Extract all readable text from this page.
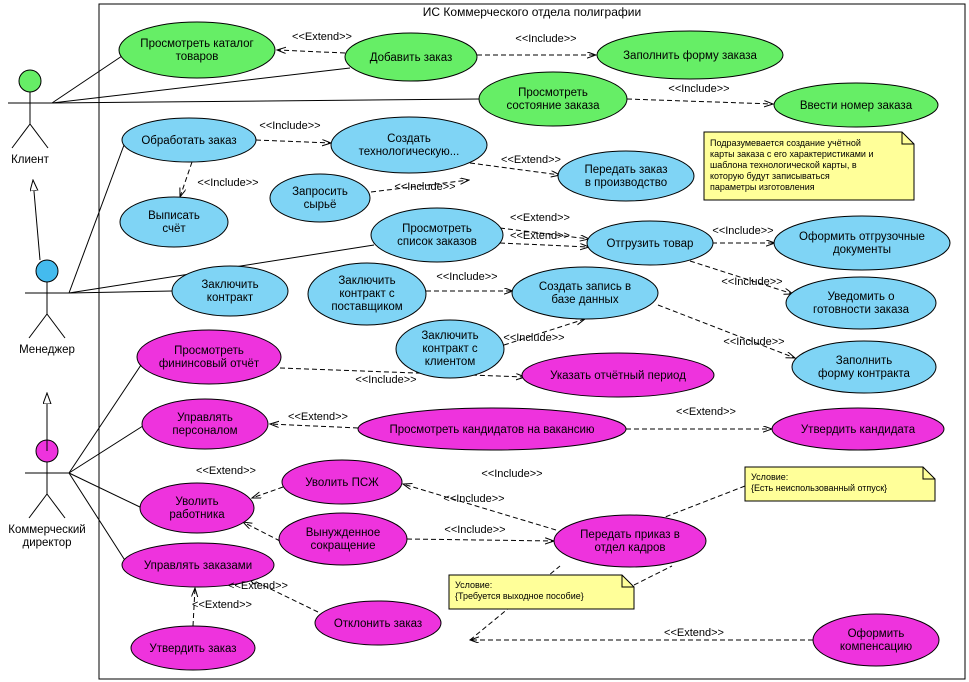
ИС Коммерческого отдела полиграфии
Клиент
Менеджер
Коммерческий
директор
Просмотреть каталог
товаров	Добавить заказ	Заполнить форму заказа
Просмотреть
состояние заказа	Ввести номер заказа
Обработать заказ	Создать
технологическую...
Передать заказ
в производство
Запросить
сырьё
Выписать
счёт	Просмотреть
список заказов	Отгрузить товар
Оформить отгрузочные
документы
Уведомить о
готовности заказа
Заключить
контракт
Заключить
контракт с
поставщиком
Создать запись в
базе данных
Заключить
контракт с
клиентом	Заполнить
форму контракта
Просмотреть
фининсовый отчёт
Указать отчётный период
Управлять
персоналом	Просмотреть кандидатов на вакансию	Утвердить кандидата
Уволить ПСЖ
Уволить
работника
Вынужденное
сокращение
Передать приказ в
отдел кадров
Управлять заказами
Отклонить заказ
Утвердить заказ
Оформить
компенсацию
<<Extend>>	<<Include>>
<<Include>>
<<Include>>
<<Extend>>
<<Include>>	<<Include>>
<<Extend>>
<<Extend>>	<<Include>>
<<Include>>
<<Include>>
<<Include>>	<<Include>>
<<Include>>
<<Extend>>	<<Extend>>
<<Extend>>	<<Include>>
<<Include>>
<<Include>>
<<Extend>>
<<Extend>>
<<Extend>>
Подразумевается создание учётной
карты заказа с его характеристиками и
шаблона технологической карты, в
которую будут записываться
параметры изготовления
Условие:
{Есть неиспользованный отпуск}
Условие:
{Требуется выходное пособие}
